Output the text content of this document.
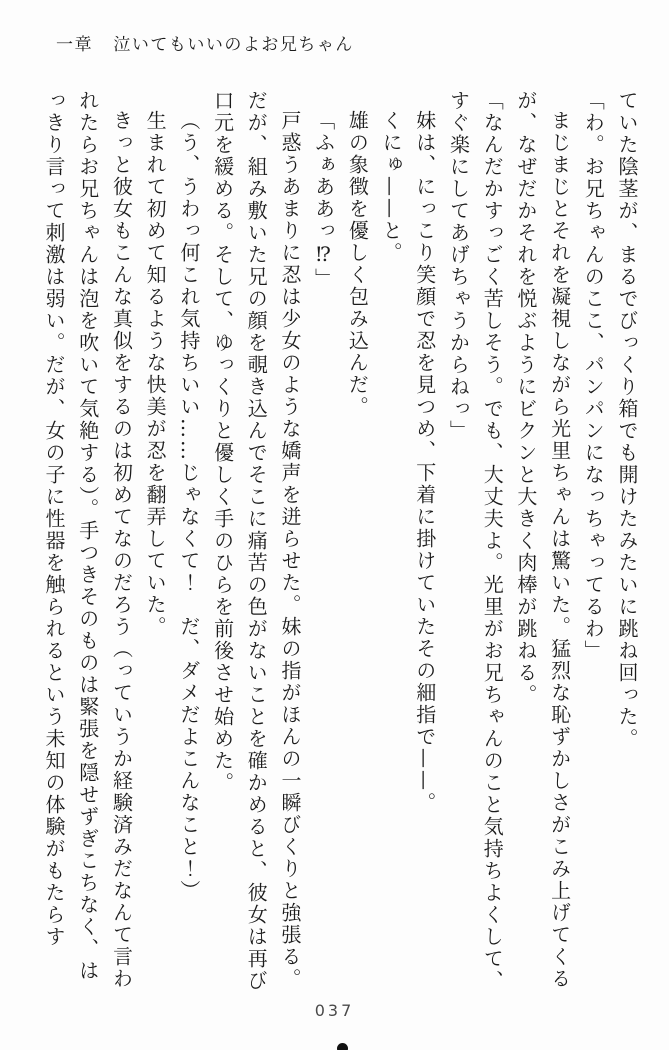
一章 泣いてもいいのよお兄ちゃん

ていた陰茎が、まるでびっくり箱でも開けたみたいに跳ね回った。

「わ。お兄ちゃんのここ、パンパンになっちゃってるわ」

まじまじとそれを凝視しながら光里ちゃんは驚いた。猛烈な恥ずかしさがこみ上げてくるが、なぜだかそれを悦ぶようにビクンと大きく肉棒が跳ねる。

「なんだかすっごく苦しそう。でも、大丈夫よ。光里がお兄ちゃんのこと気持ちよくして、すぐ楽にしてあげちゃうからねっ」

妹は、にっこり笑顔で忍を見つめ、下着に掛けていたその細指で——。

くにゅ——と。

雄の象徴を優しく包み込んだ。

「ふぁああっ⁉」

戸惑うあまりに忍は少女のような嬌声を迸らせた。妹の指がほんの一瞬びくりと強張る。だが、組み敷いた兄の顔を覗き込んでそこに痛苦の色がないことを確かめると、彼女は再び口元を緩める。そして、ゆっくりと優しく手のひらを前後させ始めた。

（う、うわっ何これ気持ちいい……じゃなくて！　だ、ダメだよこんなこと！）

生まれて初めて知るような快美が忍を翻弄していた。

きっと彼女もこんな真似をするのは初めてなのだろう（っていうか経験済みだなんて言われたらお兄ちゃんは泡を吹いて気絶する）。手つきそのものは緊張を隠せずぎこちなく、はっきり言って刺激は弱い。だが、女の子に性器を触られるという未知の体験がもたらす

037
